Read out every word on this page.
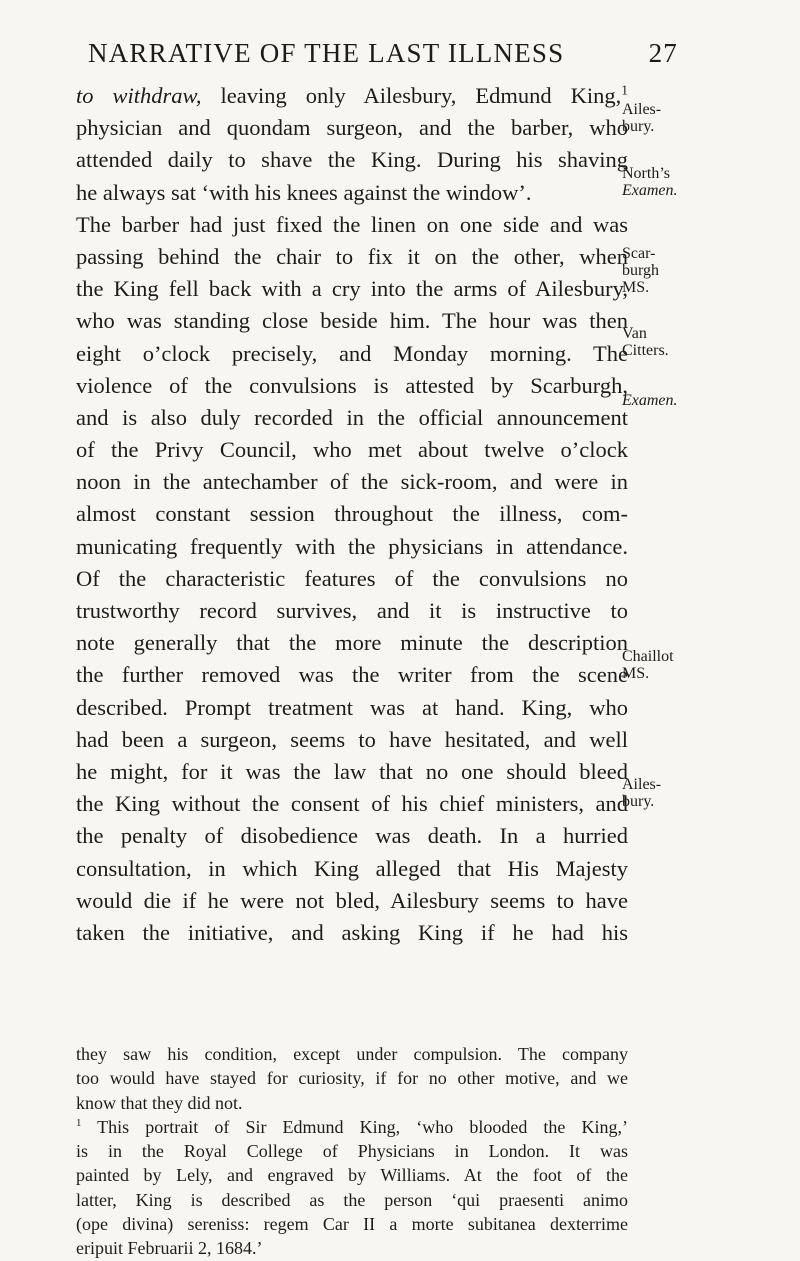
NARRATIVE OF THE LAST ILLNESS	27
to withdraw, leaving only Ailesbury, Edmund King,$^1$
physician and quondam surgeon, and the barber, who
attended daily to shave the King. During his shaving
he always sat ‘with his knees against the window’.
The barber had just fixed the linen on one side and was
passing behind the chair to fix it on the other, when
the King fell back with a cry into the arms of Ailesbury,
who was standing close beside him. The hour was then
eight o’clock precisely, and Monday morning. The
violence of the convulsions is attested by Scarburgh,
and is also duly recorded in the official announcement
of the Privy Council, who met about twelve o’clock
noon in the antechamber of the sick-room, and were in
almost constant session throughout the illness, com-
municating frequently with the physicians in attendance.
Of the characteristic features of the convulsions no
trustworthy record survives, and it is instructive to
note generally that the more minute the description
the further removed was the writer from the scene
described. Prompt treatment was at hand. King, who
had been a surgeon, seems to have hesitated, and well
he might, for it was the law that no one should bleed
the King without the consent of his chief ministers, and
the penalty of disobedience was death. In a hurried
consultation, in which King alleged that His Majesty
would die if he were not bled, Ailesbury seems to have
taken the initiative, and asking King if he had his
Ailes-
bury.
North’s
Examen.
Scar-
burgh
MS.
Van
Citters.
Examen.
Chaillot
MS.
Ailes-
bury.
they saw his condition, except under compulsion. The company
too would have stayed for curiosity, if for no other motive, and we
know that they did not.
$^1$ This portrait of Sir Edmund King, ‘who blooded the King,’
is in the Royal College of Physicians in London. It was
painted by Lely, and engraved by Williams. At the foot of the
latter, King is described as the person ‘qui praesenti animo
(ope divina) sereniss: regem Car II a morte subitanea dexterrime
eripuit Februarii 2, 1684.’
